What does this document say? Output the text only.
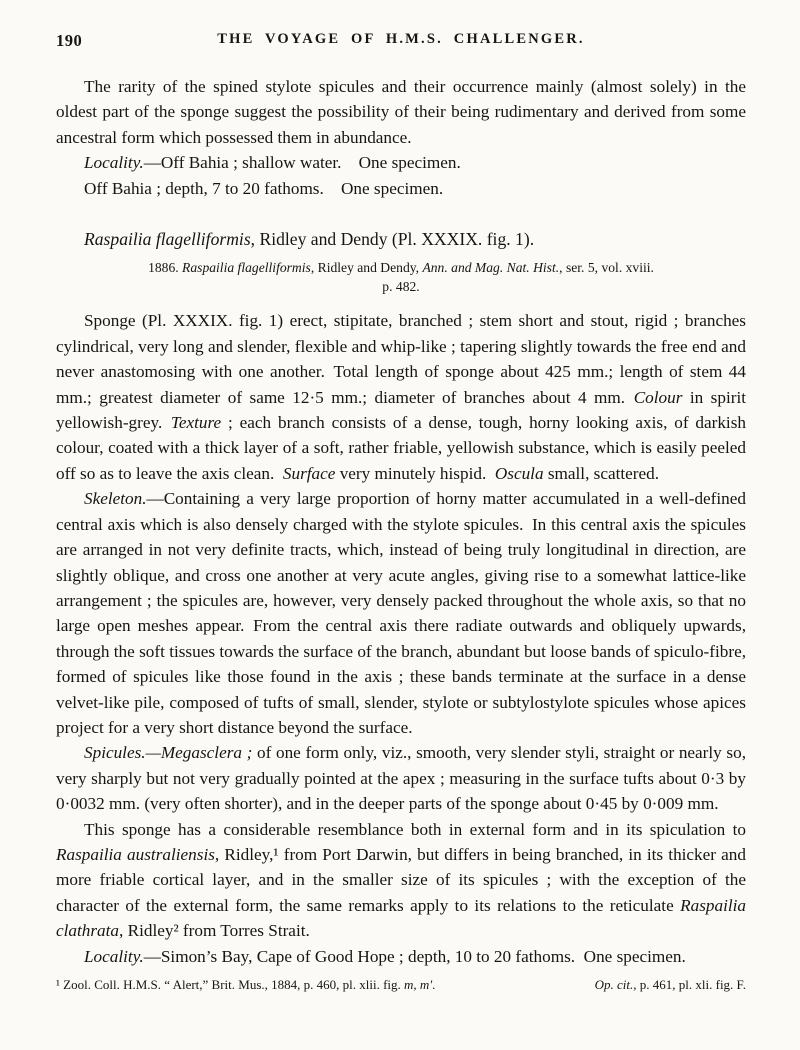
190	THE VOYAGE OF H.M.S. CHALLENGER.

The rarity of the spined stylote spicules and their occurrence mainly (almost solely) in the oldest part of the sponge suggest the possibility of their being rudimentary and derived from some ancestral form which possessed them in abundance.

Locality.—Off Bahia ; shallow water. One specimen.

Off Bahia ; depth, 7 to 20 fathoms. One specimen.

Raspailia flagelliformis, Ridley and Dendy (Pl. XXXIX. fig. 1).

1886. Raspailia flagelliformis, Ridley and Dendy, Ann. and Mag. Nat. Hist., ser. 5, vol. xviii.

p. 482.

Sponge (Pl. XXXIX. fig. 1) erect, stipitate, branched ; stem short and stout, rigid ; branches cylindrical, very long and slender, flexible and whip-like ; tapering slightly towards the free end and never anastomosing with one another. Total length of sponge about 425 mm.; length of stem 44 mm.; greatest diameter of same 12·5 mm.; diameter of branches about 4 mm. Colour in spirit yellowish-grey. Texture ; each branch consists of a dense, tough, horny looking axis, of darkish colour, coated with a thick layer of a soft, rather friable, yellowish substance, which is easily peeled off so as to leave the axis clean. Surface very minutely hispid. Oscula small, scattered.

Skeleton.—Containing a very large proportion of horny matter accumulated in a well-defined central axis which is also densely charged with the stylote spicules. In this central axis the spicules are arranged in not very definite tracts, which, instead of being truly longitudinal in direction, are slightly oblique, and cross one another at very acute angles, giving rise to a somewhat lattice-like arrangement ; the spicules are, however, very densely packed throughout the whole axis, so that no large open meshes appear. From the central axis there radiate outwards and obliquely upwards, through the soft tissues towards the surface of the branch, abundant but loose bands of spiculo-fibre, formed of spicules like those found in the axis ; these bands terminate at the surface in a dense velvet-like pile, composed of tufts of small, slender, stylote or subtylostylote spicules whose apices project for a very short distance beyond the surface.

Spicules.—Megasclera ; of one form only, viz., smooth, very slender styli, straight or nearly so, very sharply but not very gradually pointed at the apex ; measuring in the surface tufts about 0·3 by 0·0032 mm. (very often shorter), and in the deeper parts of the sponge about 0·45 by 0·009 mm.

This sponge has a considerable resemblance both in external form and in its spiculation to Raspailia australiensis, Ridley,¹ from Port Darwin, but differs in being branched, in its thicker and more friable cortical layer, and in the smaller size of its spicules ; with the exception of the character of the external form, the same remarks apply to its relations to the reticulate Raspailia clathrata, Ridley² from Torres Strait.

Locality.—Simon’s Bay, Cape of Good Hope ; depth, 10 to 20 fathoms. One specimen.

¹ Zool. Coll. H.M.S. “ Alert,” Brit. Mus., 1884, p. 460, pl. xlii. fig. m, m′.	Op. cit., p. 461, pl. xli. fig. F.
